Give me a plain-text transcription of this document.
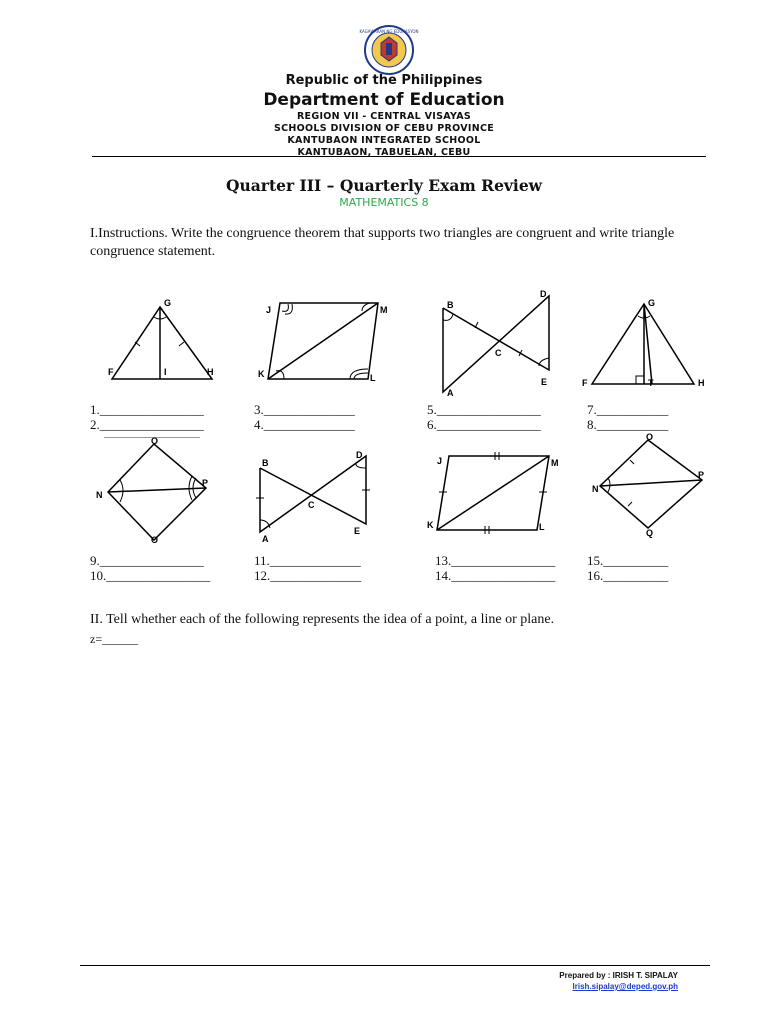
KAGAWARAN NG EDUKASYON
Republic of the Philippines
Department of Education
REGION VII - CENTRAL VISAYAS
SCHOOLS DIVISION OF CEBU PROVINCE
KANTUBAON INTEGRATED SCHOOL
KANTUBAON, TABUELAN, CEBU
Quarter III – Quarterly Exam Review
MATHEMATICS 8
I.Instructions. Write the congruence theorem that supports two triangles are congruent and write triangle congruence statement.
G
F	I	H
J	M
K	L
B
D
C
A
E
G
F	T	H
1.________________
2.________________
3.______________
4.______________
5.________________
6.________________
7.___________
8.___________
O
N
P
O
B
D
C
A
E
J	M
K	L
O
N
P
Q
9.________________
10.________________
11.______________
12.______________
13.________________
14.________________
15.__________
16.__________
II. Tell whether each of the following represents the idea of a point, a line or plane.
z=______
Prepared by : IRISH T. SIPALAY
Irish.sipalay@deped.gov.ph
